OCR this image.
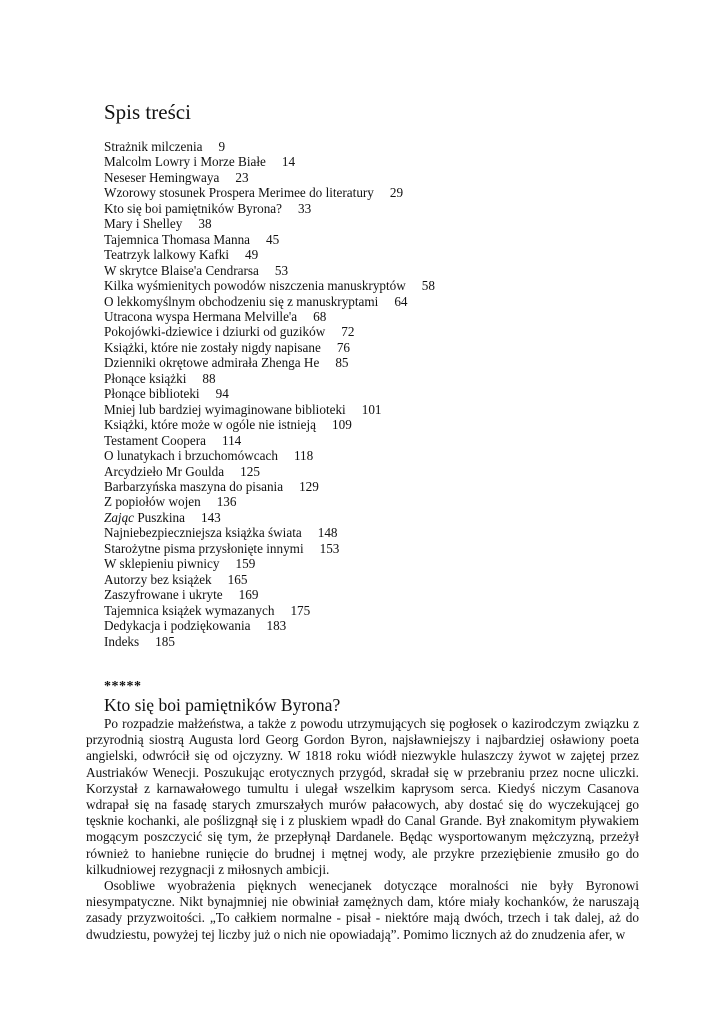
Spis treści
Strażnik milczenia 9
Malcolm Lowry i Morze Białe 14
Neseser Hemingwaya 23
Wzorowy stosunek Prospera Merimee do literatury 29
Kto się boi pamiętników Byrona? 33
Mary i Shelley 38
Tajemnica Thomasa Manna 45
Teatrzyk lalkowy Kafki 49
W skrytce Blaise'a Cendrarsa 53
Kilka wyśmienitych powodów niszczenia manuskryptów 58
O lekkomyślnym obchodzeniu się z manuskryptami 64
Utracona wyspa Hermana Melville'a 68
Pokojówki-dziewice i dziurki od guzików 72
Książki, które nie zostały nigdy napisane 76
Dzienniki okrętowe admirała Zhenga He 85
Płonące książki 88
Płonące biblioteki 94
Mniej lub bardziej wyimaginowane biblioteki 101
Książki, które może w ogóle nie istnieją 109
Testament Coopera 114
O lunatykach i brzuchomówcach 118
Arcydzieło Mr Goulda 125
Barbarzyńska maszyna do pisania 129
Z popiołów wojen 136
Zając Puszkina 143
Najniebezpieczniejsza książka świata 148
Starożytne pisma przysłonięte innymi 153
W sklepieniu piwnicy 159
Autorzy bez książek 165
Zaszyfrowane i ukryte 169
Tajemnica książek wymazanych 175
Dedykacja i podziękowania 183
Indeks 185
*****
Kto się boi pamiętników Byrona?

Po rozpadzie małżeństwa, a także z powodu utrzymujących się pogłosek o kazirodczym związku z przyrodnią siostrą Augusta lord Georg Gordon Byron, najsławniejszy i najbardziej osławiony poeta angielski, odwrócił się od ojczyzny. W 1818 roku wiódł niezwykle hulaszczy żywot w zajętej przez Austriaków Wenecji. Poszukując erotycznych przygód, skradał się w przebraniu przez nocne uliczki. Korzystał z karnawałowego tumultu i ulegał wszelkim kaprysom serca. Kiedyś niczym Casanova wdrapał się na fasadę starych zmurszałych murów pałacowych, aby dostać się do wyczekującej go tęsknie kochanki, ale poślizgnął się i z pluskiem wpadł do Canal Grande. Był znakomitym pływakiem mogącym poszczycić się tym, że przepłynął Dardanele. Będąc wysportowanym mężczyzną, przeżył również to haniebne runięcie do brudnej i mętnej wody, ale przykre przeziębienie zmusiło go do kilkudniowej rezygnacji z miłosnych ambicji.

Osobliwe wyobrażenia pięknych wenecjanek dotyczące moralności nie były Byronowi niesympatyczne. Nikt bynajmniej nie obwiniał zamężnych dam, które miały kochanków, że naruszają zasady przyzwoitości. „To całkiem normalne - pisał - niektóre mają dwóch, trzech i tak dalej, aż do dwudziestu, powyżej tej liczby już o nich nie opowiadają”. Pomimo licznych aż do znudzenia afer, w
